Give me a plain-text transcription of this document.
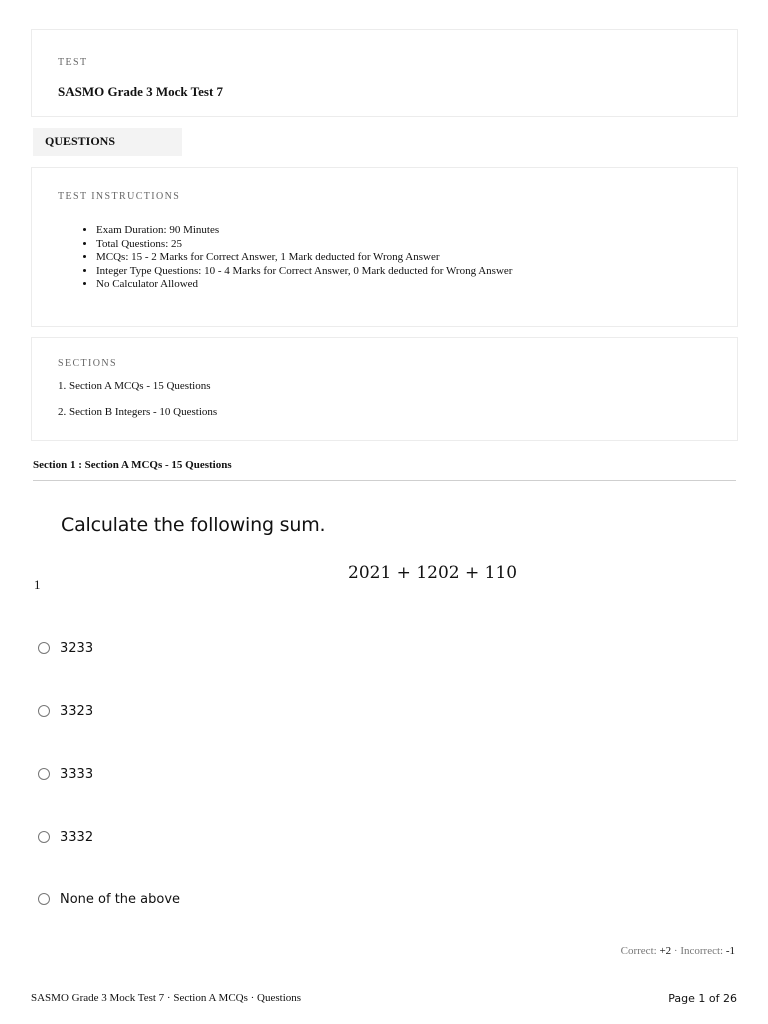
TEST
SASMO Grade 3 Mock Test 7
QUESTIONS
TEST INSTRUCTIONS
• Exam Duration: 90 Minutes
• Total Questions: 25
• MCQs: 15 - 2 Marks for Correct Answer, 1 Mark deducted for Wrong Answer
• Integer Type Questions: 10 - 4 Marks for Correct Answer, 0 Mark deducted for Wrong Answer
• No Calculator Allowed
SECTIONS
1. Section A MCQs - 15 Questions
2. Section B Integers - 10 Questions
Section 1 : Section A MCQs - 15 Questions
Calculate the following sum.
2021 + 1202 + 110
1
3233
3323
3333
3332
None of the above
Correct: +2 · Incorrect: -1
SASMO Grade 3 Mock Test 7 · Section A MCQs · Questions	Page 1 of 26
